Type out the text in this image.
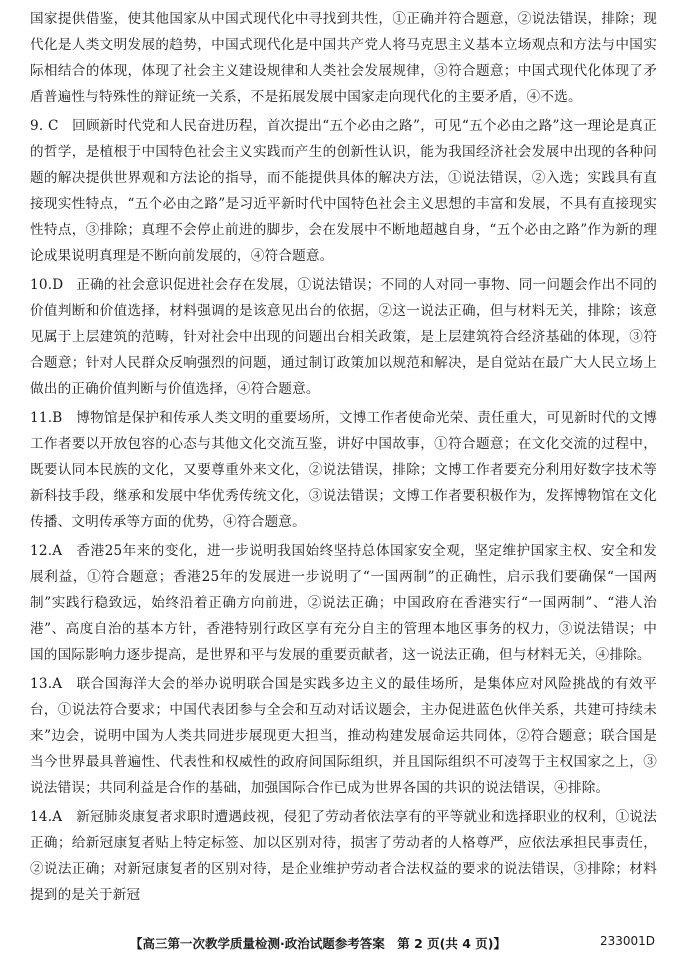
国家提供借鉴，使其他国家从中国式现代化中寻找到共性，①正确并符合题意，②说法错误，排除；现代化是人类文明发展的趋势，中国式现代化是中国共产党人将马克思主义基本立场观点和方法与中国实际相结合的体现，体现了社会主义建设规律和人类社会发展规律，③符合题意；中国式现代化体现了矛盾普遍性与特殊性的辩证统一关系，不是拓展发展中国家走向现代化的主要矛盾，④不选。

9. C 回顾新时代党和人民奋进历程，首次提出“五个必由之路”，可见“五个必由之路”这一理论是真正的哲学，是植根于中国特色社会主义实践而产生的创新性认识，能为我国经济社会发展中出现的各种问题的解决提供世界观和方法论的指导，而不能提供具体的解决方法，①说法错误，②入选；实践具有直接现实性特点，“五个必由之路”是习近平新时代中国特色社会主义思想的丰富和发展，不具有直接现实性特点，③排除；真理不会停止前进的脚步，会在发展中不断地超越自身，“五个必由之路”作为新的理论成果说明真理是不断向前发展的，④符合题意。

10.D 正确的社会意识促进社会存在发展，①说法错误；不同的人对同一事物、同一问题会作出不同的价值判断和价值选择，材料强调的是该意见出台的依据，②这一说法正确，但与材料无关，排除；该意见属于上层建筑的范畴，针对社会中出现的问题出台相关政策，是上层建筑符合经济基础的体现，③符合题意；针对人民群众反响强烈的问题，通过制订政策加以规范和解决，是自觉站在最广大人民立场上做出的正确价值判断与价值选择，④符合题意。

11.B 博物馆是保护和传承人类文明的重要场所，文博工作者使命光荣、责任重大，可见新时代的文博工作者要以开放包容的心态与其他文化交流互鉴，讲好中国故事，①符合题意；在文化交流的过程中，既要认同本民族的文化，又要尊重外来文化，②说法错误，排除；文博工作者要充分利用好数字技术等新科技手段，继承和发展中华优秀传统文化，③说法错误；文博工作者要积极作为，发挥博物馆在文化传播、文明传承等方面的优势，④符合题意。

12.A 香港25年来的变化，进一步说明我国始终坚持总体国家安全观，坚定维护国家主权、安全和发展利益，①符合题意；香港25年的发展进一步说明了“一国两制”的正确性，启示我们要确保“一国两制”实践行稳致远，始终沿着正确方向前进，②说法正确；中国政府在香港实行“一国两制”、“港人治港”、高度自治的基本方针，香港特别行政区享有充分自主的管理本地区事务的权力，③说法错误；中国的国际影响力逐步提高，是世界和平与发展的重要贡献者，这一说法正确，但与材料无关，④排除。

13.A 联合国海洋大会的举办说明联合国是实践多边主义的最佳场所，是集体应对风险挑战的有效平台，①说法符合要求；中国代表团参与全会和互动对话议题会，主办促进蓝色伙伴关系，共建可持续未来”边会，说明中国为人类共同进步展现更大担当，推动构建发展命运共同体，②符合题意；联合国是当今世界最具普遍性、代表性和权威性的政府间国际组织，并且国际组织不可凌驾于主权国家之上，③说法错误；共同利益是合作的基础，加强国际合作已成为世界各国的共识的说法错误，④排除。

14.A 新冠肺炎康复者求职时遭遇歧视，侵犯了劳动者依法享有的平等就业和选择职业的权利，①说法正确；给新冠康复者贴上特定标签、加以区别对待，损害了劳动者的人格尊严，应依法承担民事责任，②说法正确；对新冠康复者的区别对待，是企业维护劳动者合法权益的要求的说法错误，③排除；材料提到的是关于新冠

【高三第一次教学质量检测·政治试题参考答案　第 2 页(共 4 页)】	233001D
